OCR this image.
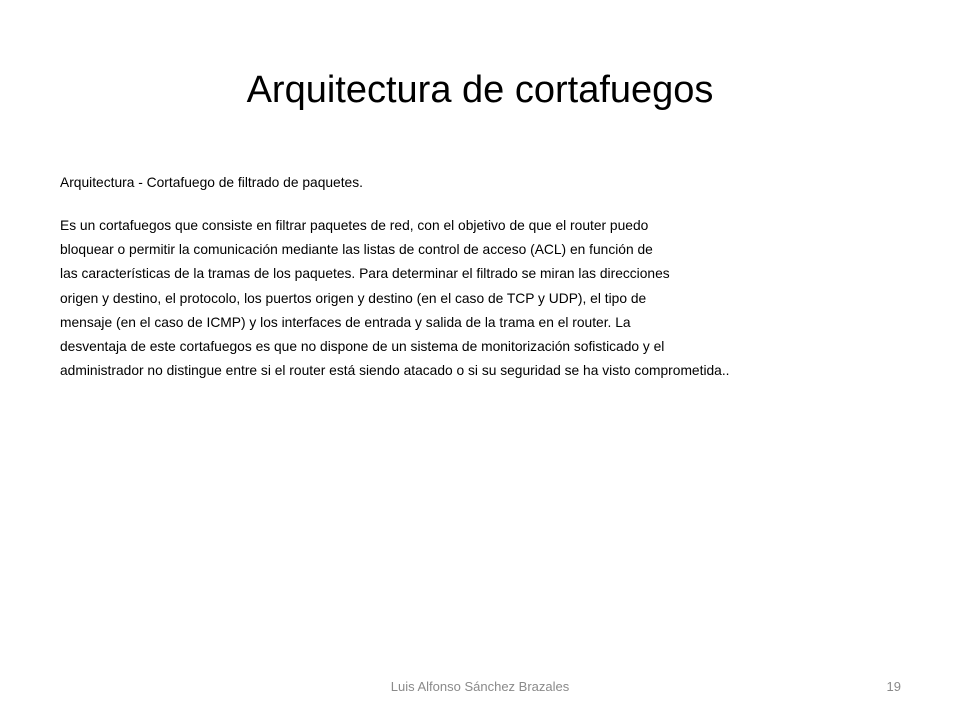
Arquitectura de cortafuegos

Arquitectura - Cortafuego de filtrado de paquetes.

Es un cortafuegos que consiste en filtrar paquetes de red, con el objetivo de que el router puedo

bloquear o permitir la comunicación mediante las listas de control de acceso (ACL) en función de

las características de la tramas de los paquetes. Para determinar el filtrado se miran las direcciones

origen y destino, el protocolo, los puertos origen y destino (en el caso de TCP y UDP), el tipo de

mensaje (en el caso de ICMP) y los interfaces de entrada y salida de la trama en el router. La

desventaja de este cortafuegos es que no dispone de un sistema de monitorización sofisticado y el

administrador no distingue entre si el router está siendo atacado o si su seguridad se ha visto comprometida..

Luis Alfonso Sánchez Brazales	19
